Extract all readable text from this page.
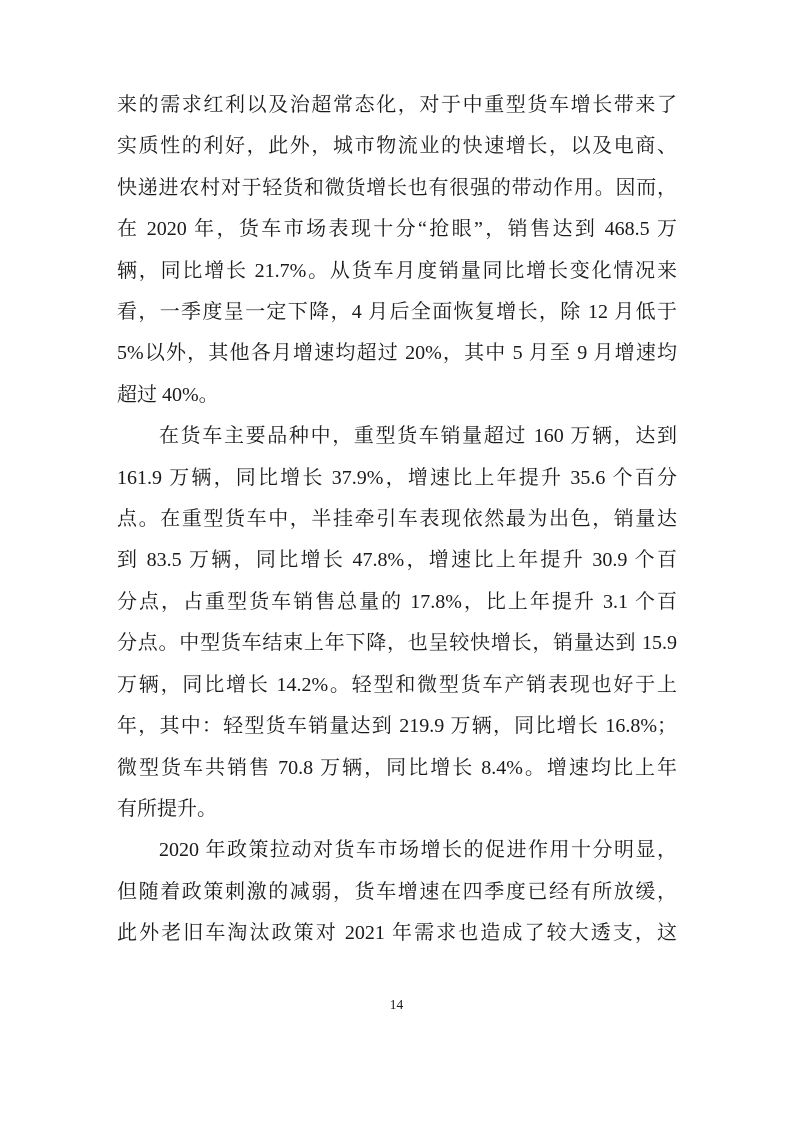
来的需求红利以及治超常态化，对于中重型货车增长带来了
实质性的利好，此外，城市物流业的快速增长，以及电商、
快递进农村对于轻货和微货增长也有很强的带动作用。因而，
在 2020 年，货车市场表现十分“抢眼”，销售达到 468.5 万
辆，同比增长 21.7%。从货车月度销量同比增长变化情况来
看，一季度呈一定下降，4 月后全面恢复增长，除 12 月低于
5%以外，其他各月增速均超过 20%，其中 5 月至 9 月增速均
超过 40%。
在货车主要品种中，重型货车销量超过 160 万辆，达到
161.9 万辆，同比增长 37.9%，增速比上年提升 35.6 个百分
点。在重型货车中，半挂牵引车表现依然最为出色，销量达
到 83.5 万辆，同比增长 47.8%，增速比上年提升 30.9 个百
分点，占重型货车销售总量的 17.8%，比上年提升 3.1 个百
分点。中型货车结束上年下降，也呈较快增长，销量达到 15.9
万辆，同比增长 14.2%。轻型和微型货车产销表现也好于上
年，其中：轻型货车销量达到 219.9 万辆，同比增长 16.8%；
微型货车共销售 70.8 万辆，同比增长 8.4%。增速均比上年
有所提升。
2020 年政策拉动对货车市场增长的促进作用十分明显，
但随着政策刺激的减弱，货车增速在四季度已经有所放缓，
此外老旧车淘汰政策对 2021 年需求也造成了较大透支，这
14
